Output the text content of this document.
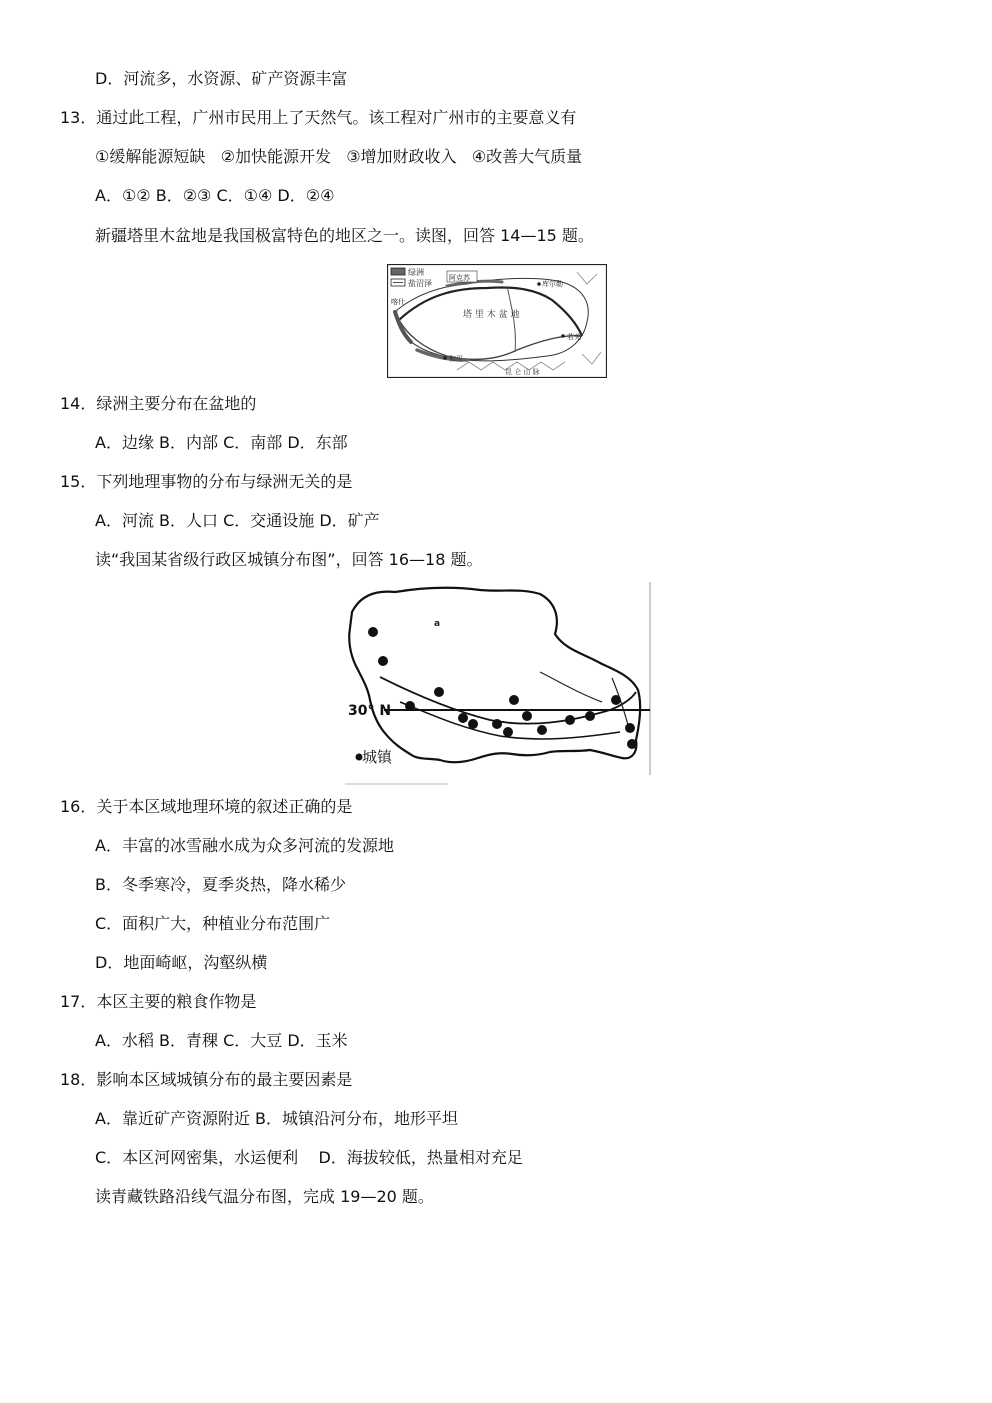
D．河流多，水资源、矿产资源丰富
13．通过此工程，广州市民用上了天然气。该工程对广州市的主要意义有
①缓解能源短缺   ②加快能源开发   ③增加财政收入   ④改善大气质量
A．①② B．②③ C．①④ D．②④
新疆塔里木盆地是我国极富特色的地区之一。读图，回答 14—15 题。
绿洲
盐沼泽
阿克苏
库尔勒
喀什
若羌
和田
塔 里 木 盆 地
昆 仑 山 脉
14．绿洲主要分布在盆地的
A．边缘 B．内部 C．南部 D．东部
15．下列地理事物的分布与绿洲无关的是
A．河流 B．人口 C．交通设施 D．矿产
读“我国某省级行政区城镇分布图”，回答 16—18 题。
30° N
a
城镇
16．关于本区域地理环境的叙述正确的是
A．丰富的冰雪融水成为众多河流的发源地
B．冬季寒冷，夏季炎热，降水稀少
C．面积广大，种植业分布范围广
D．地面崎岖，沟壑纵横
17．本区主要的粮食作物是
A．水稻 B．青稞 C．大豆 D．玉米
18．影响本区域城镇分布的最主要因素是
A．靠近矿产资源附近 B．城镇沿河分布，地形平坦
C．本区河网密集，水运便利    D．海拔较低，热量相对充足
读青藏铁路沿线气温分布图，完成 19—20 题。
